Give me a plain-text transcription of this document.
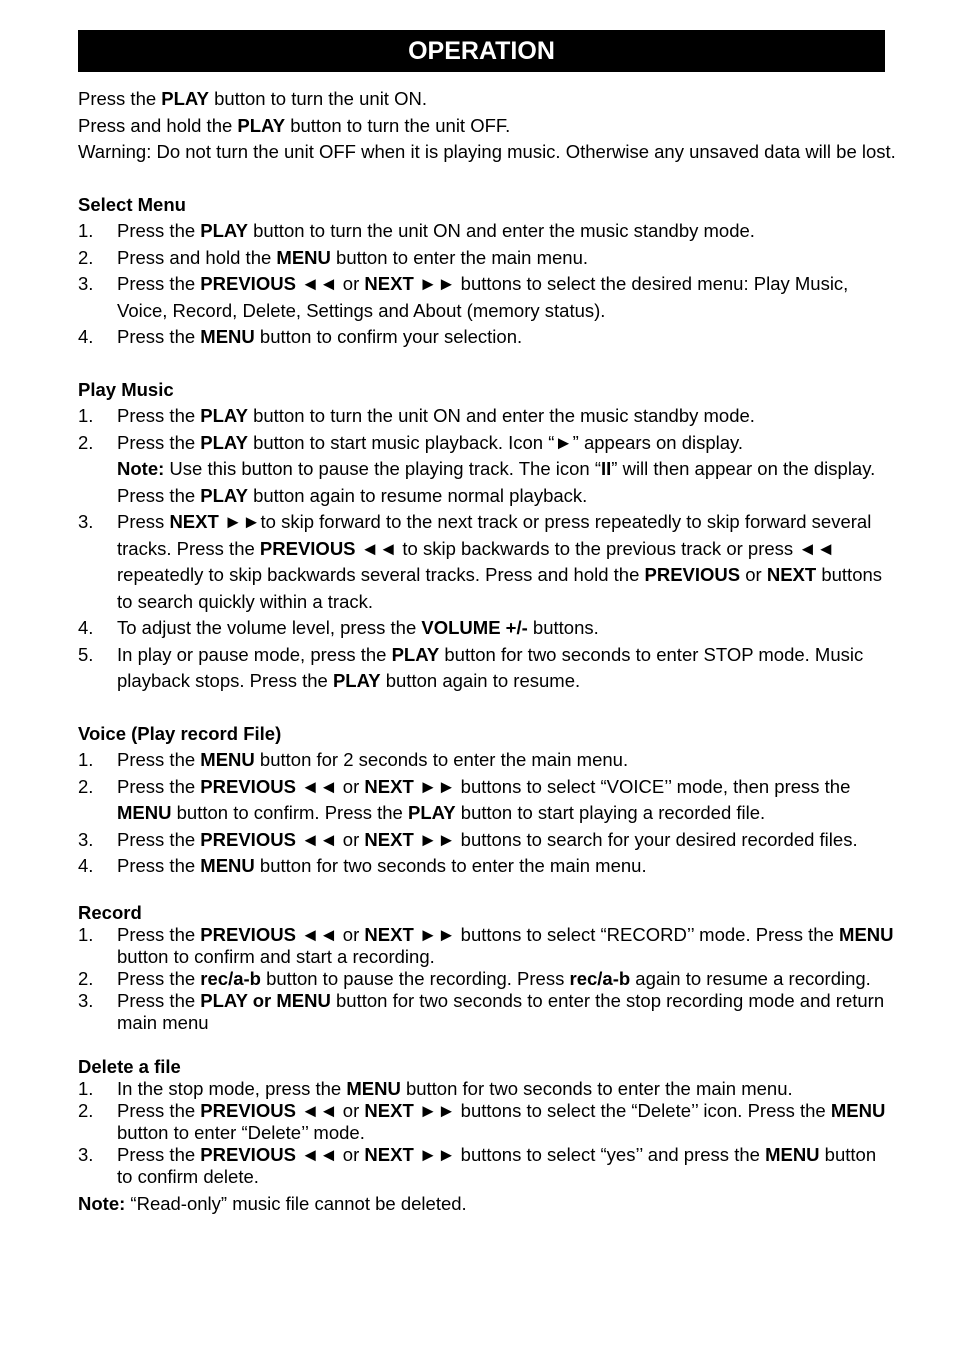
OPERATION
Press the PLAY button to turn the unit ON.
Press and hold the PLAY button to turn the unit OFF.
Warning: Do not turn the unit OFF when it is playing music. Otherwise any unsaved data will be lost.
Select Menu
1. Press the PLAY button to turn the unit ON and enter the music standby mode.
2. Press and hold the MENU button to enter the main menu.
3. Press the PREVIOUS ◄◄ or NEXT ►► buttons to select the desired menu: Play Music, Voice, Record, Delete, Settings and About (memory status).
4. Press the MENU button to confirm your selection.
Play Music
1. Press the PLAY button to turn the unit ON and enter the music standby mode.
2. Press the PLAY button to start music playback. Icon “►” appears on display.
Note: Use this button to pause the playing track. The icon “II” will then appear on the display. Press the PLAY button again to resume normal playback.
3. Press NEXT ►►to skip forward to the next track or press repeatedly to skip forward several tracks. Press the PREVIOUS ◄◄ to skip backwards to the previous track or press ◄◄ repeatedly to skip backwards several tracks. Press and hold the PREVIOUS or NEXT buttons to search quickly within a track.
4. To adjust the volume level, press the VOLUME +/- buttons.
5. In play or pause mode, press the PLAY button for two seconds to enter STOP mode. Music playback stops. Press the PLAY button again to resume.
Voice (Play record File)
1. Press the MENU button for 2 seconds to enter the main menu.
2. Press the PREVIOUS ◄◄ or NEXT ►► buttons to select “VOICE’’ mode, then press the MENU button to confirm. Press the PLAY button to start playing a recorded file.
3. Press the PREVIOUS ◄◄ or NEXT ►► buttons to search for your desired recorded files.
4. Press the MENU button for two seconds to enter the main menu.
Record
1. Press the PREVIOUS ◄◄ or NEXT ►► buttons to select “RECORD’’ mode. Press the MENU button to confirm and start a recording.
2. Press the rec/a-b button to pause the recording. Press rec/a-b again to resume a recording.
3. Press the PLAY or MENU button for two seconds to enter the stop recording mode and return main menu
Delete a file
1. In the stop mode, press the MENU button for two seconds to enter the main menu.
2. Press the PREVIOUS ◄◄ or NEXT ►► buttons to select the “Delete’’ icon. Press the MENU button to enter “Delete’’ mode.
3. Press the PREVIOUS ◄◄ or NEXT ►► buttons to select “yes’’ and press the MENU button to confirm delete.
Note: “Read-only” music file cannot be deleted.
